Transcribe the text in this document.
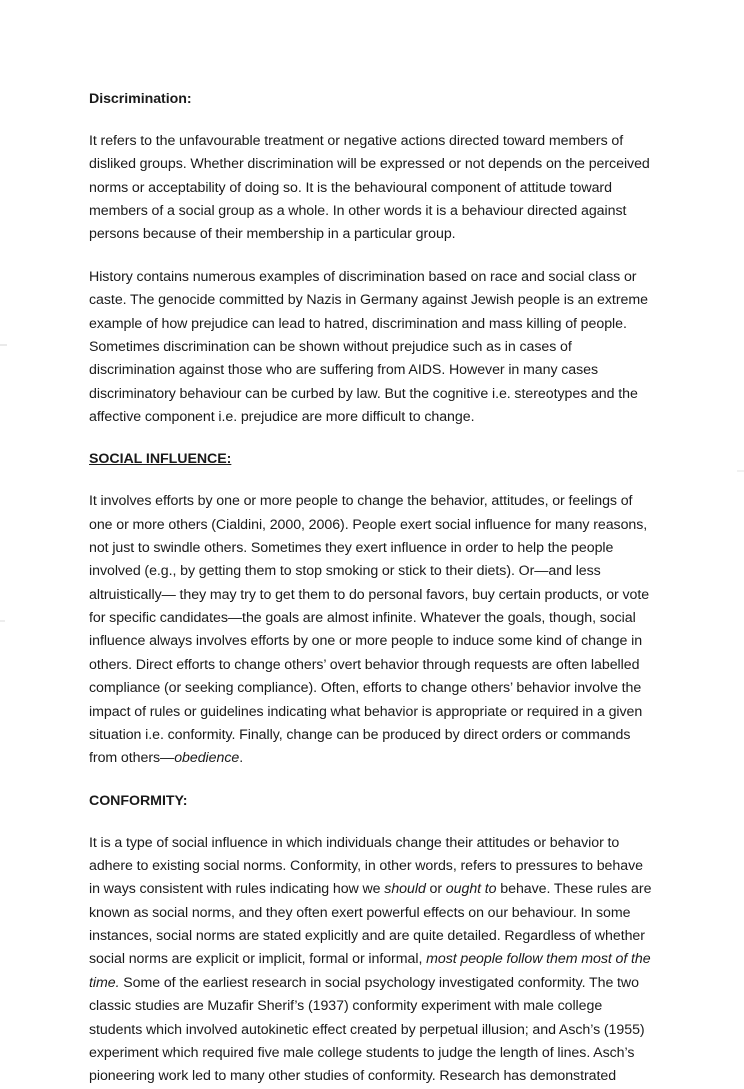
Discrimination:

It refers to the unfavourable treatment or negative actions directed toward members of disliked groups. Whether discrimination will be expressed or not depends on the perceived norms or acceptability of doing so. It is the behavioural component of attitude toward members of a social group as a whole. In other words it is a behaviour directed against persons because of their membership in a particular group.

History contains numerous examples of discrimination based on race and social class or caste. The genocide committed by Nazis in Germany against Jewish people is an extreme example of how prejudice can lead to hatred, discrimination and mass killing of people. Sometimes discrimination can be shown without prejudice such as in cases of discrimination against those who are suffering from AIDS. However in many cases discriminatory behaviour can be curbed by law. But the cognitive i.e. stereotypes and the affective component i.e. prejudice are more difficult to change.

SOCIAL INFLUENCE:

It involves efforts by one or more people to change the behavior, attitudes, or feelings of one or more others (Cialdini, 2000, 2006). People exert social influence for many reasons, not just to swindle others. Sometimes they exert influence in order to help the people involved (e.g., by getting them to stop smoking or stick to their diets). Or—and less altruistically— they may try to get them to do personal favors, buy certain products, or vote for specific candidates—the goals are almost infinite. Whatever the goals, though, social influence always involves efforts by one or more people to induce some kind of change in others. Direct efforts to change others’ overt behavior through requests are often labelled compliance (or seeking compliance). Often, efforts to change others’ behavior involve the impact of rules or guidelines indicating what behavior is appropriate or required in a given situation i.e. conformity. Finally, change can be produced by direct orders or commands from others—obedience.

CONFORMITY:

It is a type of social influence in which individuals change their attitudes or behavior to adhere to existing social norms. Conformity, in other words, refers to pressures to behave in ways consistent with rules indicating how we should or ought to behave. These rules are known as social norms, and they often exert powerful effects on our behaviour. In some instances, social norms are stated explicitly and are quite detailed. Regardless of whether social norms are explicit or implicit, formal or informal, most people follow them most of the time. Some of the earliest research in social psychology investigated conformity. The two classic studies are Muzafir Sherif’s (1937) conformity experiment with male college students which involved autokinetic effect created by perpetual illusion; and Asch’s (1955) experiment which required five male college students to judge the length of lines. Asch’s pioneering work led to many other studies of conformity. Research has demonstrated
